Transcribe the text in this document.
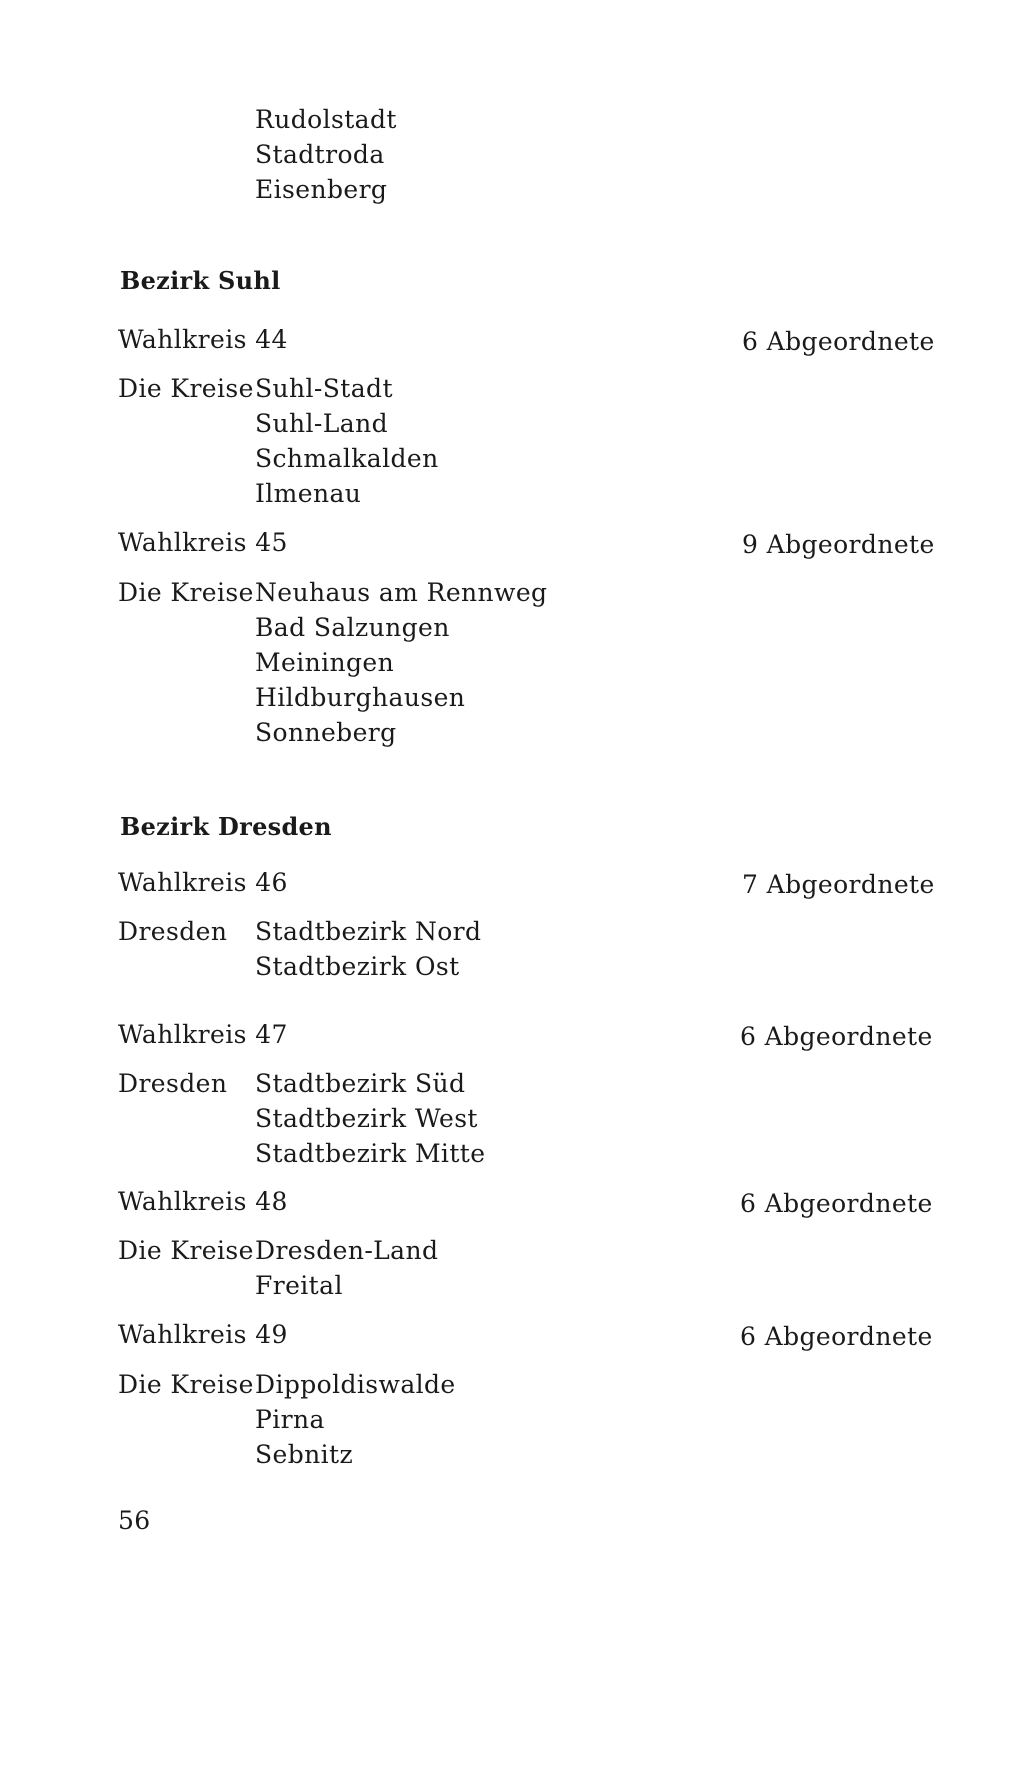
Rudolstadt
Stadtroda
Eisenberg
Bezirk Suhl
Wahlkreis 44	6 Abgeordnete
Die Kreise Suhl-Stadt
Suhl-Land
Schmalkalden
Ilmenau
Wahlkreis 45	9 Abgeordnete
Die Kreise Neuhaus am Rennweg
Bad Salzungen
Meiningen
Hildburghausen
Sonneberg
Bezirk Dresden
Wahlkreis 46	7 Abgeordnete
Dresden Stadtbezirk Nord
Stadtbezirk Ost
Wahlkreis 47	6 Abgeordnete
Dresden Stadtbezirk Süd
Stadtbezirk West
Stadtbezirk Mitte
Wahlkreis 48	6 Abgeordnete
Die Kreise Dresden-Land
Freital
Wahlkreis 49	6 Abgeordnete
Die Kreise Dippoldiswalde
Pirna
Sebnitz
56
